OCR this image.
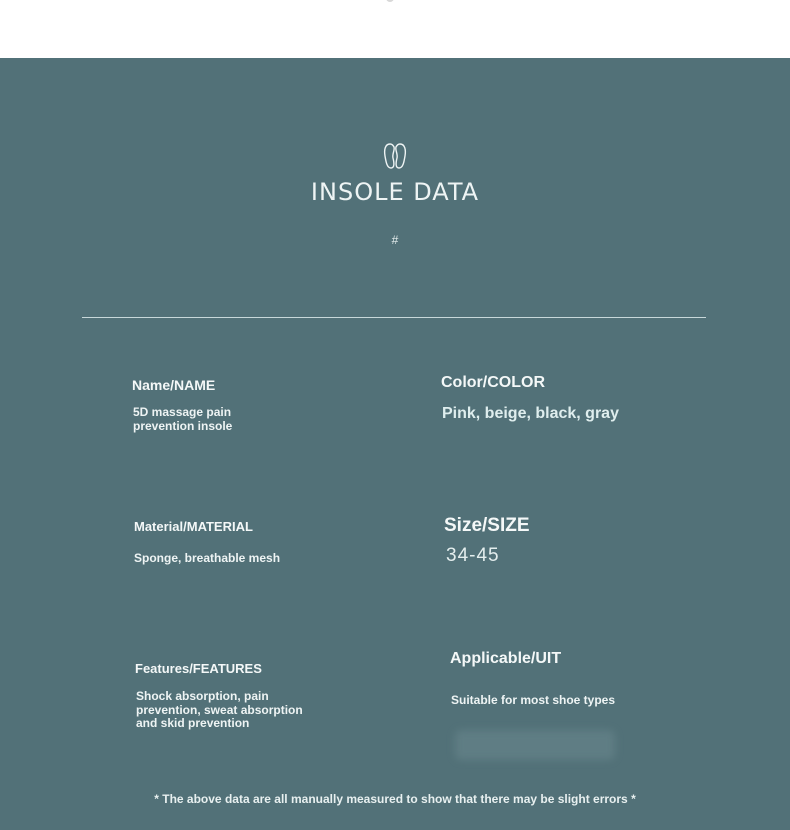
INSOLE DATA
#
Name/NAME
5D massage pain prevention insole
Color/COLOR
Pink, beige, black, gray
Material/MATERIAL
Sponge, breathable mesh
Size/SIZE
34-45
Features/FEATURES
Shock absorption, pain prevention, sweat absorption and skid prevention
Applicable/UIT
Suitable for most shoe types
* The above data are all manually measured to show that there may be slight errors *
